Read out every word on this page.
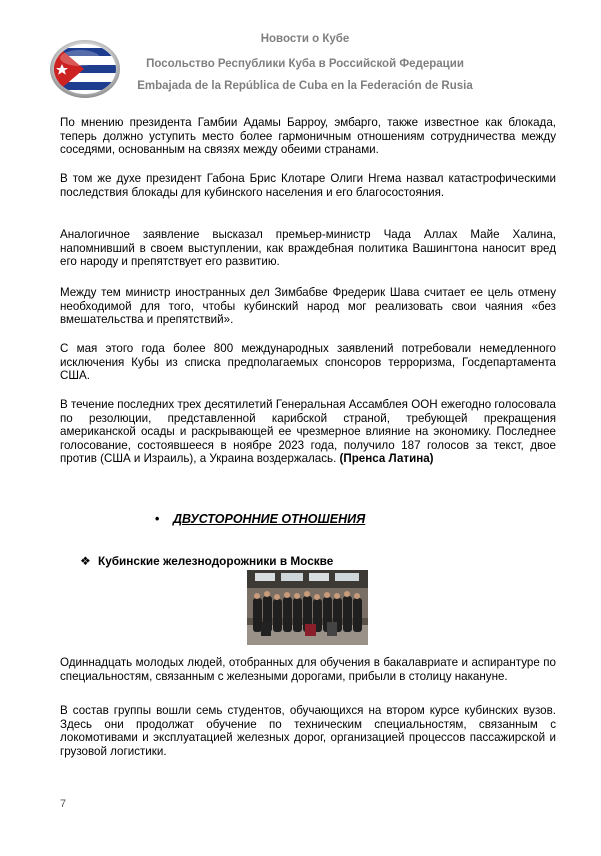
Новости о Кубе
Посольство Республики Куба в Российской Федерации
Embajada de la República de Cuba en la Federación de Rusia

По мнению президента Гамбии Адамы Барроу, эмбарго, также известное как блокада, теперь должно уступить место более гармоничным отношениям сотрудничества между соседями, основанным на связях между обеими странами.

В том же духе президент Габона Брис Клотаре Олиги Нгема назвал катастрофическими последствия блокады для кубинского населения и его благосостояния.

Аналогичное заявление высказал премьер-министр Чада Аллах Майе Халина, напомнивший в своем выступлении, как враждебная политика Вашингтона наносит вред его народу и препятствует его развитию.

Между тем министр иностранных дел Зимбабве Фредерик Шава считает ее цель отмену необходимой для того, чтобы кубинский народ мог реализовать свои чаяния «без вмешательства и препятствий».

С мая этого года более 800 международных заявлений потребовали немедленного исключения Кубы из списка предполагаемых спонсоров терроризма, Госдепартамента США.

В течение последних трех десятилетий Генеральная Ассамблея ООН ежегодно голосовала по резолюции, представленной карибской страной, требующей прекращения американской осады и раскрывающей ее чрезмерное влияние на экономику. Последнее голосование, состоявшееся в ноябре 2023 года, получило 187 голосов за текст, двое против (США и Израиль), а Украина воздержалась. (Пренса Латина)

• ДВУСТОРОННИЕ ОТНОШЕНИЯ
❖ Кубинские железнодорожники в Москве

Одиннадцать молодых людей, отобранных для обучения в бакалавриате и аспирантуре по специальностям, связанным с железными дорогами, прибыли в столицу накануне.

В состав группы вошли семь студентов, обучающихся на втором курсе кубинских вузов. Здесь они продолжат обучение по техническим специальностям, связанным с локомотивами и эксплуатацией железных дорог, организацией процессов пассажирской и грузовой логистики.

7
